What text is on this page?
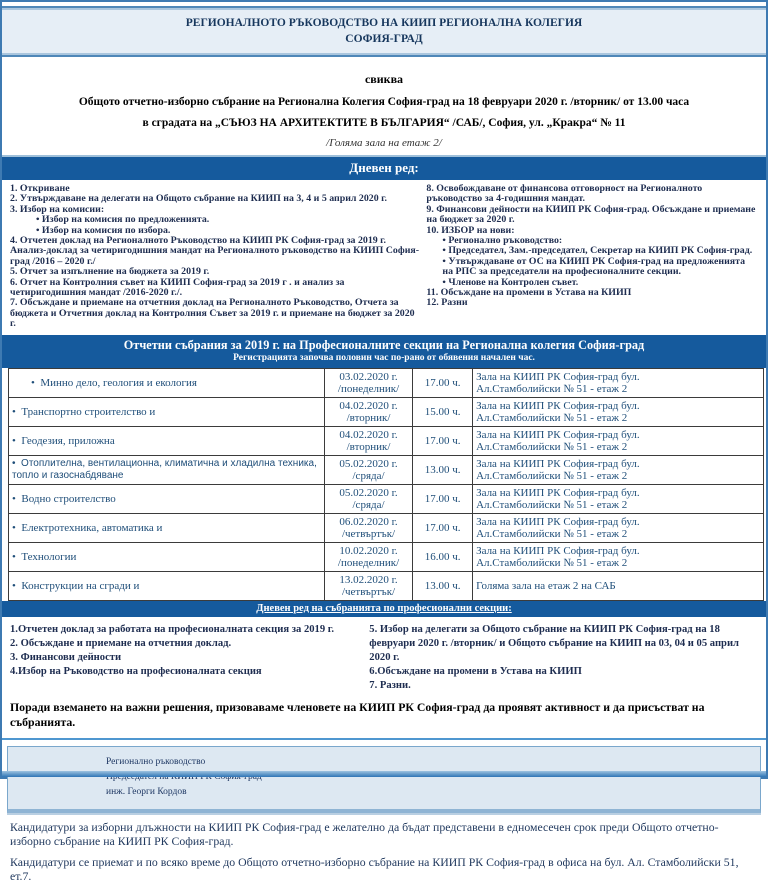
РЕГИОНАЛНОТО РЪКОВОДСТВО НА КИИП РЕГИОНАЛНА КОЛЕГИЯ
СОФИЯ-ГРАД
свиква
Общото отчетно-изборно събрание на Регионална Колегия София-град на 18 февруари 2020 г. /вторник/ от 13.00 часа
в сградата на „СЪЮЗ НА АРХИТЕКТИТЕ В БЪЛГАРИЯ“ /САБ/, София, ул. „Кракра“ № 11
/Голяма зала на етаж 2/
Дневен ред:
1. Откриване
2. Утвърждаване на делегати на Общото събрание на КИИП на 3, 4 и 5 април 2020 г.
3. Избор на комисии:
• Избор на комисия по предложенията.
• Избор на комисия по избора.
4. Отчетен доклад на Регионалното Ръководство на КИИП РК София-град за 2019 г. Анализ-доклад за четиригодишния мандат на Регионалното ръководство на КИИП София-град /2016 – 2020 г./
5. Отчет за изпълнение на бюджета за 2019 г.
6. Отчет на Контролния съвет на КИИП София-град за 2019 г . и анализ за четиригодишния мандат /2016-2020 г./.
7. Обсъждане и приемане на отчетния доклад на Регионалното Ръководство, Отчета за бюджета и Отчетния доклад на Контролния Съвет за 2019 г. и приемане на бюджет за 2020 г.
8. Освобождаване от финансова отговорност на Регионалното ръководство за 4-годишния мандат.
9. Финансови дейности на КИИП РК София-град. Обсъждане и приемане на бюджет за 2020 г.
10. ИЗБОР на нови:
• Регионално ръководство:
• Председател, Зам.-председател, Секретар на КИИП РК София-град.
• Утвърждаване от ОС на КИИП РК София-град на предложенията на РПС за председатели на професионалните секции.
• Членове на Контролен съвет.
11. Обсъждане на промени в Устава на КИИП
12. Разни
Отчетни събрания за 2019 г. на Професионалните секции на Регионална колегия София-град
Регистрацията започва половин час по-рано от обявения начален час.
•  Минно дело, геология и екология	03.02.2020 г.
/понеделник/	17.00 ч.	Зала на КИИП РК София-град бул.
Ал.Стамболийски № 51 - етаж 2

•  Транспортно строителство и	04.02.2020 г.
/вторник/	15.00 ч.	Зала на КИИП РК София-град бул.
Ал.Стамболийски № 51 - етаж 2

•  Геодезия, приложна	04.02.2020 г.
/вторник/	17.00 ч.	Зала на КИИП РК София-град бул.
Ал.Стамболийски № 51 - етаж 2

•  Отоплителна, вентилационна, климатична и хладилна техника, топло и газоснабдяване	
05.02.2020 г.
/сряда/	13.00 ч.	Зала на КИИП РК София-град бул.
Ал.Стамболийски № 51 - етаж 2

•  Водно строителство	05.02.2020 г.
/сряда/	17.00 ч.	Зала на КИИП РК София-град бул.
Ал.Стамболийски № 51 - етаж 2

•  Електротехника, автоматика и	06.02.2020 г.
/четвъртък/	17.00 ч.	Зала на КИИП РК София-град бул.
Ал.Стамболийски № 51 - етаж 2

•  Технологии	10.02.2020 г.
/понеделник/	16.00 ч.	Зала на КИИП РК София-град бул.
Ал.Стамболийски № 51 - етаж 2

•  Конструкции на сгради и	13.02.2020 г.
/четвъртък/	13.00 ч.	Голяма зала на етаж 2 на САБ
Дневен ред на събранията по професионални секции:
1.Отчетен доклад за работата на професионалната секция за 2019 г.
2. Обсъждане и приемане на отчетния доклад.
3. Финансови дейности
4.Избор на Ръководство на професионалната секция
5. Избор на делегати за Общото събрание на КИИП РК София-град на 18 февруари 2020 г. /вторник/ и Общото събрание на КИИП на 03, 04 и 05 април 2020 г.
6.Обсъждане на промени в Устава на КИИП
7. Разни.
Поради вземането на важни решения, призоваваме членовете на КИИП РК София-град да проявят активност и да присъстват на събранията.
Регионално ръководство
инж. Георги Кордов
Кандидатури за изборни длъжности на КИИП РК София-град е желателно да бъдат представени в едномесечен срок преди Общото отчетно-изборно събрание на КИИП РК София-град.
Кандидатури се приемат и по всяко време до Общото отчетно-изборно събрание на КИИП РК София-град в офиса на бул. Ал. Стамболийски 51, ет.7.
